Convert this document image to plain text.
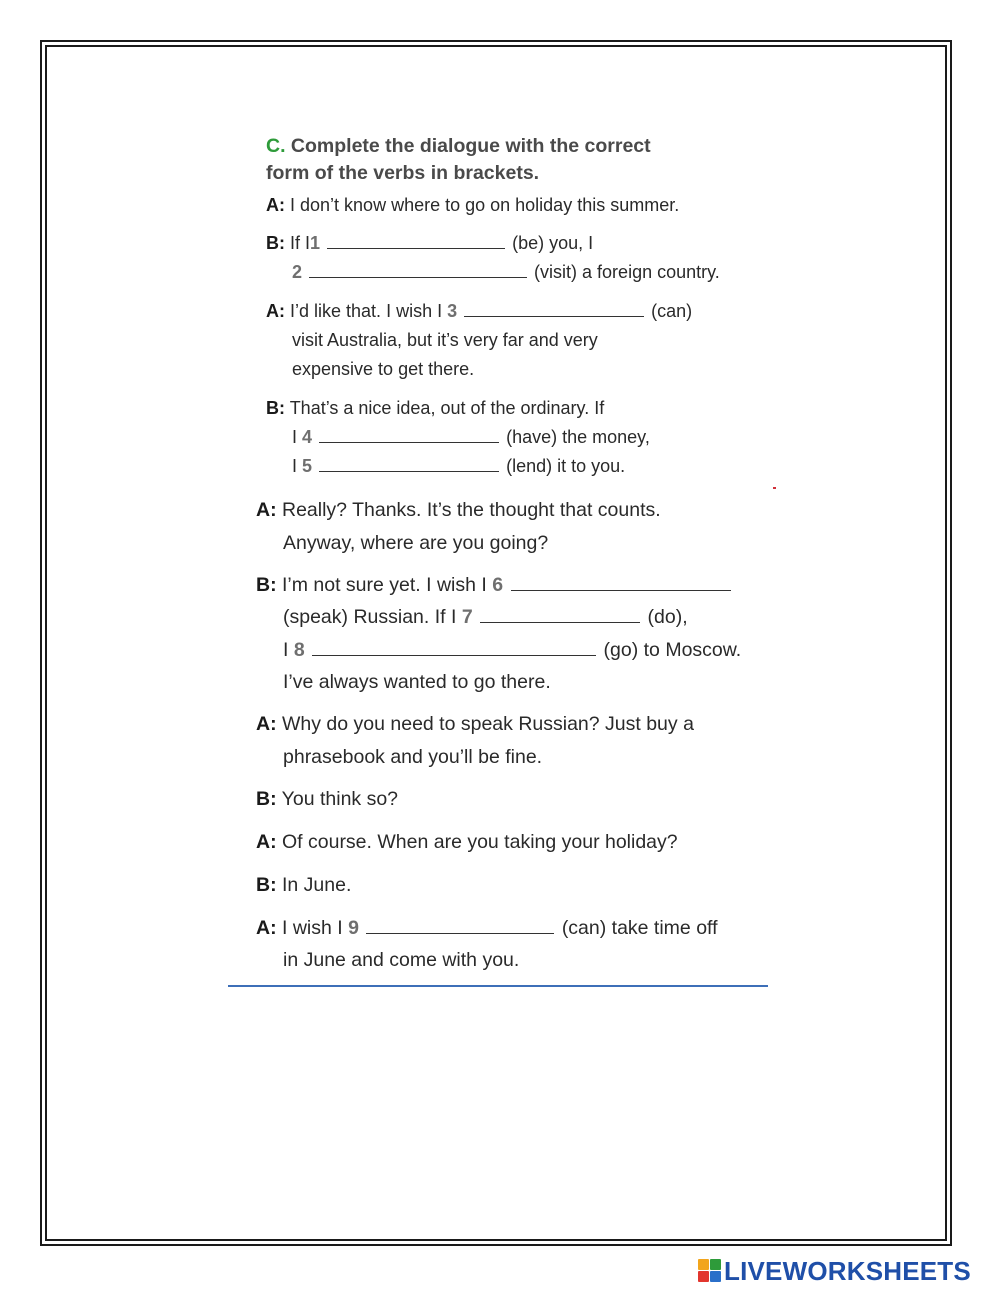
C. Complete the dialogue with the correct
form of the verbs in brackets.
A: I don’t know where to go on holiday this summer.
B: If I1	(be) you, I
2	(visit) a foreign country.
A: I’d like that. I wish I 3	(can)
visit Australia, but it’s very far and very
expensive to get there.
B: That’s a nice idea, out of the ordinary. If
I 4	(have) the money,
I 5	(lend) it to you.
A: Really? Thanks. It’s the thought that counts.
Anyway, where are you going?
B: I’m not sure yet. I wish I 6
(speak) Russian. If I 7	(do),
I 8	(go) to Moscow.
I’ve always wanted to go there.
A: Why do you need to speak Russian? Just buy a
phrasebook and you’ll be fine.
B: You think so?
A: Of course. When are you taking your holiday?
B: In June.
A: I wish I 9	(can) take time off
in June and come with you.
LIVEWORKSHEETS
